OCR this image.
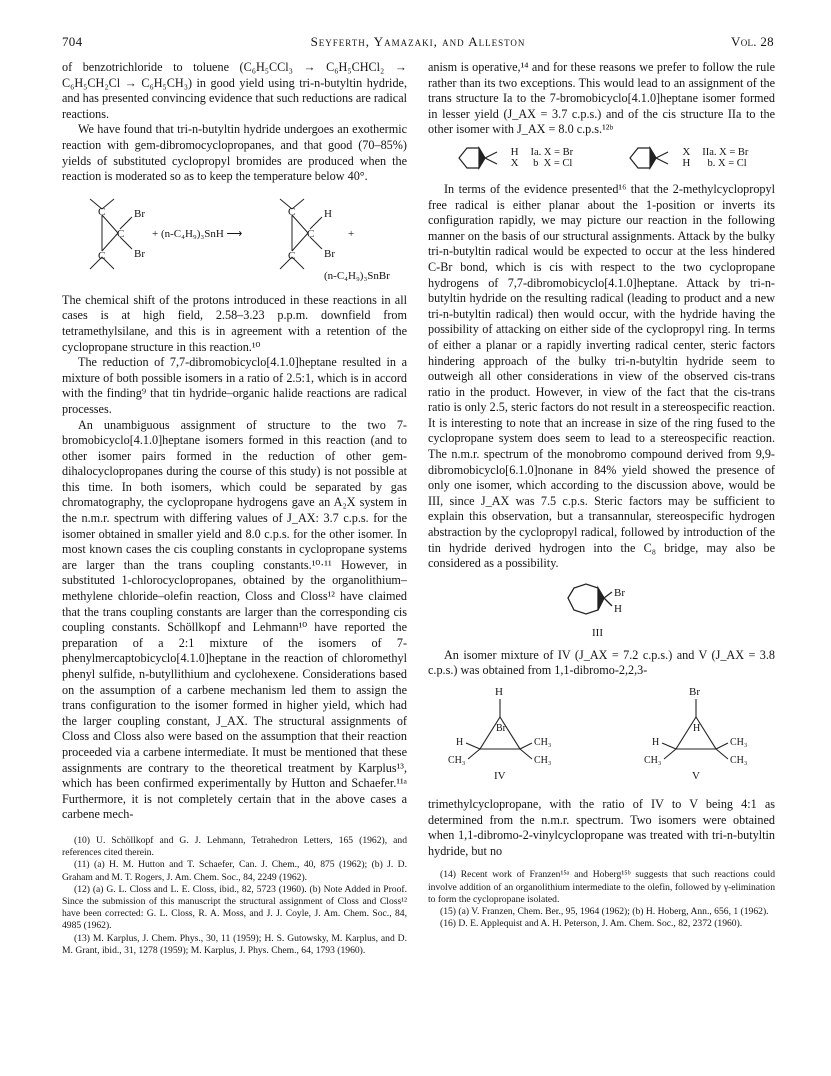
704	Seyferth, Yamazaki, and Alleston	Vol. 28

of benzotrichloride to toluene (C₆H₅CCl₃ → C₆H₅CHCl₂ → C₆H₅CH₂Cl → C₆H₅CH₃) in good yield using tri-n-butyltin hydride, and has presented convincing evidence that such reductions are radical reactions.

We have found that tri-n-butyltin hydride undergoes an exothermic reaction with gem-dibromocyclopropanes, and that good (70–85%) yields of substituted cyclopropyl bromides are produced when the reaction is moderated so as to keep the temperature below 40°.

C	Br
C
Br
C
+ (n-C₄H₉)₃SnH ⟶
C	H
C
Br
C
+
(n-C₄H₉)₃SnBr

The chemical shift of the protons introduced in these reactions in all cases is at high field, 2.58–3.23 p.p.m. downfield from tetramethylsilane, and this is in agreement with a retention of the cyclopropane structure in this reaction.¹⁰

The reduction of 7,7-dibromobicyclo[4.1.0]heptane resulted in a mixture of both possible isomers in a ratio of 2.5:1, which is in accord with the finding⁹ that tin hydride–organic halide reactions are radical processes.

An unambiguous assignment of structure to the two 7-bromobicyclo[4.1.0]heptane isomers formed in this reaction (and to other isomer pairs formed in the reduction of other gem-dihalocyclopropanes during the course of this study) is not possible at this time. In both isomers, which could be separated by gas chromatography, the cyclopropane hydrogens gave an A₂X system in the n.m.r. spectrum with differing values of J_AX: 3.7 c.p.s. for the isomer obtained in smaller yield and 8.0 c.p.s. for the other isomer. In most known cases the cis coupling constants in cyclopropane systems are larger than the trans coupling constants.¹⁰·¹¹ However, in substituted 1-chlorocyclopropanes, obtained by the organolithium–methylene chloride–olefin reaction, Closs and Closs¹² have claimed that the trans coupling constants are larger than the corresponding cis coupling constants. Schöllkopf and Lehmann¹⁰ have reported the preparation of a 2:1 mixture of the isomers of 7-phenylmercaptobicyclo[4.1.0]heptane in the reaction of chloromethyl phenyl sulfide, n-butyllithium and cyclohexene. Considerations based on the assumption of a carbene mechanism led them to assign the trans configuration to the isomer formed in higher yield, which had the larger coupling constant, J_AX. The structural assignments of Closs and Closs also were based on the assumption that their reaction proceeded via a carbene intermediate. It must be mentioned that these assignments are contrary to the theoretical treatment by Karplus¹³, which has been confirmed experimentally by Hutton and Schaefer.¹¹ᵃ Furthermore, it is not completely certain that in the above cases a carbene mech-

(10) U. Schöllkopf and G. J. Lehmann, Tetrahedron Letters, 165 (1962), and references cited therein.

(11) (a) H. M. Hutton and T. Schaefer, Can. J. Chem., 40, 875 (1962); (b) J. D. Graham and M. T. Rogers, J. Am. Chem. Soc., 84, 2249 (1962).

(12) (a) G. L. Closs and L. E. Closs, ibid., 82, 5723 (1960). (b) Note Added in Proof. Since the submission of this manuscript the structural assignment of Closs and Closs¹² have been corrected: G. L. Closs, R. A. Moss, and J. J. Coyle, J. Am. Chem. Soc., 84, 4985 (1962).

(13) M. Karplus, J. Chem. Phys., 30, 11 (1959); H. S. Gutowsky, M. Karplus, and D. M. Grant, ibid., 31, 1278 (1959); M. Karplus, J. Phys. Chem., 64, 1793 (1960).

anism is operative,¹⁴ and for these reasons we prefer to follow the rule rather than its two exceptions. This would lead to an assignment of the trans structure Ia to the 7-bromobicyclo[4.1.0]heptane isomer formed in lesser yield (J_AX = 3.7 c.p.s.) and of the cis structure IIa to the other isomer with J_AX = 8.0 c.p.s.¹²ᵇ

H
X
Ia. X = Br
b  X = Cl
X
H
IIa. X = Br
b. X = Cl

In terms of the evidence presented¹⁶ that the 2-methylcyclopropyl free radical is either planar about the 1-position or inverts its configuration rapidly, we may picture our reaction in the following manner on the basis of our structural assignments. Attack by the bulky tri-n-butyltin radical would be expected to occur at the less hindered C-Br bond, which is cis with respect to the two cyclopropane hydrogens of 7,7-dibromobicyclo[4.1.0]heptane. Attack by tri-n-butyltin hydride on the resulting radical (leading to product and a new tri-n-butyltin radical) then would occur, with the hydride having the possibility of attacking on either side of the cyclopropyl ring. In terms of either a planar or a rapidly inverting radical center, steric factors hindering approach of the bulky tri-n-butyltin hydride seem to outweigh all other considerations in view of the observed cis-trans ratio in the product. However, in view of the fact that the cis-trans ratio is only 2.5, steric factors do not result in a stereospecific reaction. It is interesting to note that an increase in size of the ring fused to the cyclopropane system does seem to lead to a stereospecific reaction. The n.m.r. spectrum of the monobromo compound derived from 9,9-dibromobicyclo[6.1.0]nonane in 84% yield showed the presence of only one isomer, which according to the discussion above, would be III, since J_AX was 7.5 c.p.s. Steric factors may be sufficient to explain this observation, but a transannular, stereospecific hydrogen abstraction by the cyclopropyl radical, followed by introduction of the tin hydride derived hydrogen into the C₈ bridge, may also be considered as a possibility.

Br
H
III

An isomer mixture of IV (J_AX = 7.2 c.p.s.) and V (J_AX = 3.8 c.p.s.) was obtained from 1,1-dibromo-2,2,3-

H
Br
H
CH₃
CH₃
CH₃
IV
Br
H
H
CH₃
CH₃
CH₃
V

trimethylcyclopropane, with the ratio of IV to V being 4:1 as determined from the n.m.r. spectrum. Two isomers were obtained when 1,1-dibromo-2-vinylcyclopropane was treated with tri-n-butyltin hydride, but no

(14) Recent work of Franzen¹⁵ᵃ and Hoberg¹⁵ᵇ suggests that such reactions could involve addition of an organolithium intermediate to the olefin, followed by γ-elimination to form the cyclopropane isolated.

(15) (a) V. Franzen, Chem. Ber., 95, 1964 (1962); (b) H. Hoberg, Ann., 656, 1 (1962).

(16) D. E. Applequist and A. H. Peterson, J. Am. Chem. Soc., 82, 2372 (1960).
